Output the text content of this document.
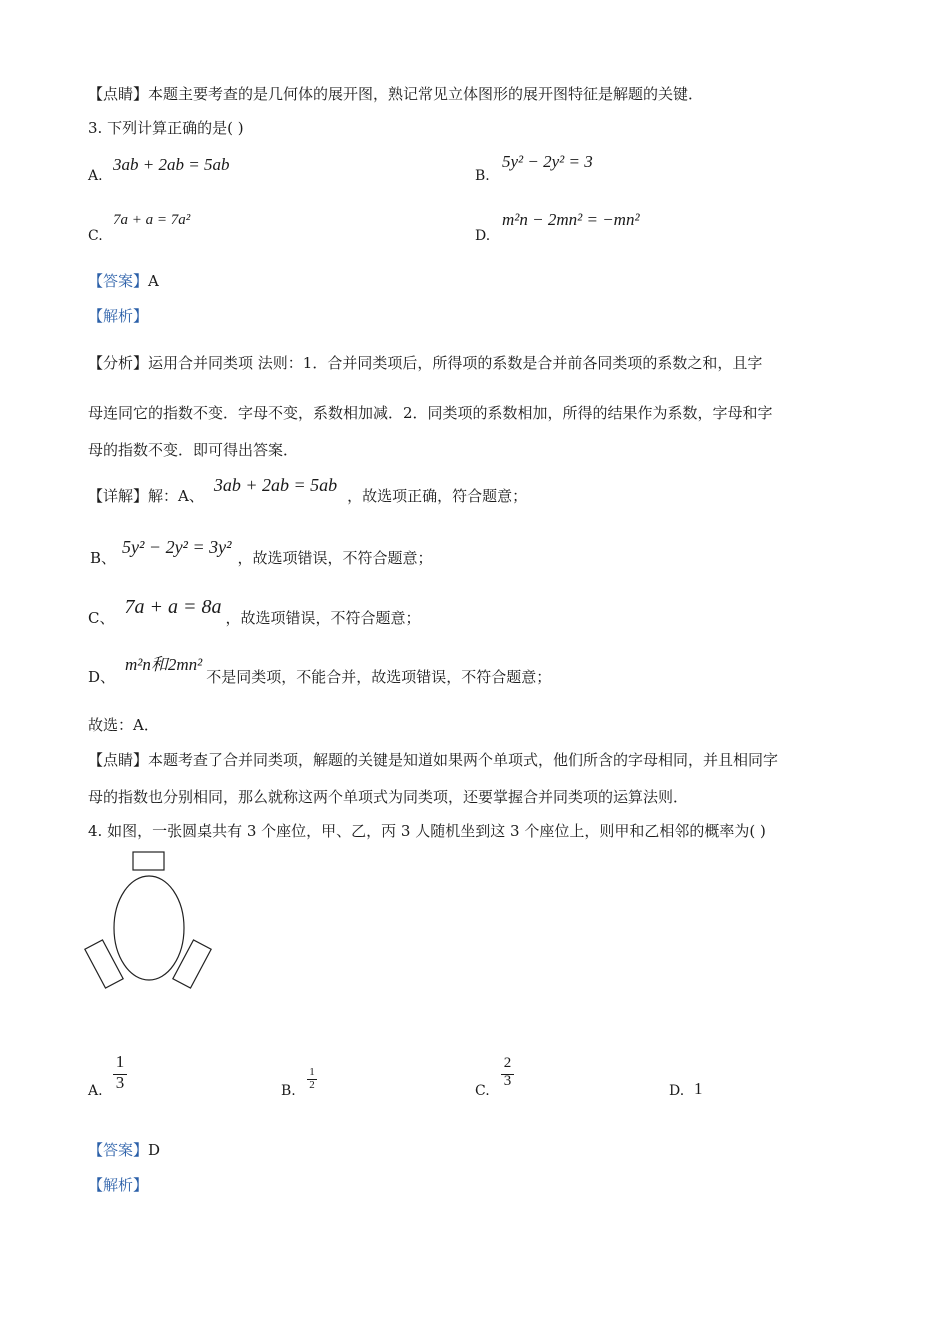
【点睛】本题主要考查的是几何体的展开图，熟记常见立体图形的展开图特征是解题的关键．
3. 下列计算正确的是( )
A.
3ab + 2ab = 5ab
B.
5y² − 2y² = 3
C.
7a + a = 7a²
D.
m²n − 2mn² = −mn²
【答案】A
【解析】
【分析】运用合并同类项 法则：1．合并同类项后，所得项的系数是合并前各同类项的系数之和，且字
母连同它的指数不变．字母不变，系数相加减．2．同类项的系数相加，所得的结果作为系数，字母和字
母的指数不变．即可得出答案．
【详解】解：A、3ab + 2ab = 5ab，故选项正确，符合题意；
B、5y² − 2y² = 3y²，故选项错误，不符合题意；
C、 7a + a = 8a ，故选项错误，不符合题意；
D、m²n和2mn²不是同类项，不能合并，故选项错误，不符合题意；
故选：A．
【点睛】本题考查了合并同类项，解题的关键是知道如果两个单项式，他们所含的字母相同，并且相同字
母的指数也分别相同，那么就称这两个单项式为同类项，还要掌握合并同类项的运算法则．
4. 如图，一张圆桌共有 3 个座位，甲、乙，丙 3 人随机坐到这 3 个座位上，则甲和乙相邻的概率为( )
A.
1
3	B.
1
2	C.
2
3
D. 1
【答案】D
【解析】
